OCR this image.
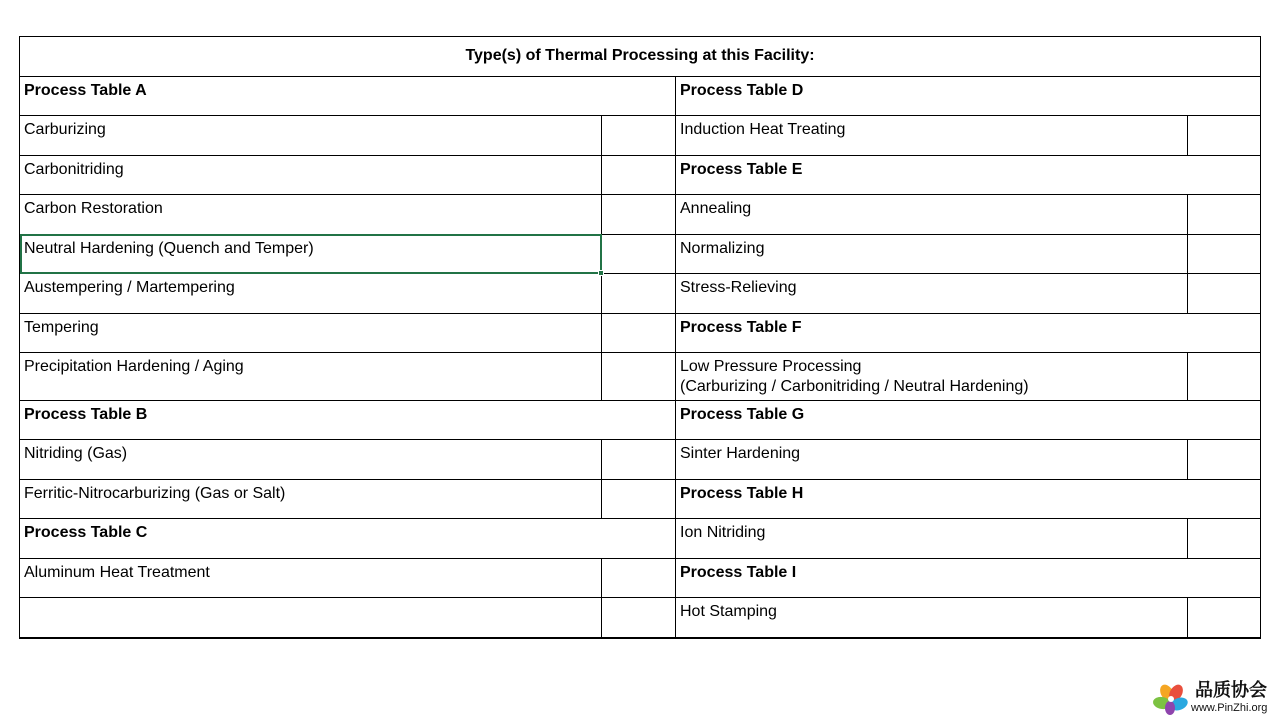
Type(s) of Thermal Processing at this Facility:
Process Table A
Carburizing
Carbonitriding
Carbon Restoration
Neutral Hardening (Quench and Temper)
Austempering / Martempering
Tempering
Precipitation Hardening / Aging
Process Table B
Nitriding (Gas)
Ferritic-Nitrocarburizing (Gas or Salt)
Process Table C
Aluminum Heat Treatment
Process Table D
Induction Heat Treating
Process Table E
Annealing
Normalizing
Stress-Relieving
Process Table F
Low Pressure Processing
(Carburizing / Carbonitriding / Neutral Hardening)
Process Table G
Sinter Hardening
Process Table H
Ion Nitriding
Process Table I
Hot Stamping
品质协会
www.PinZhi.org
